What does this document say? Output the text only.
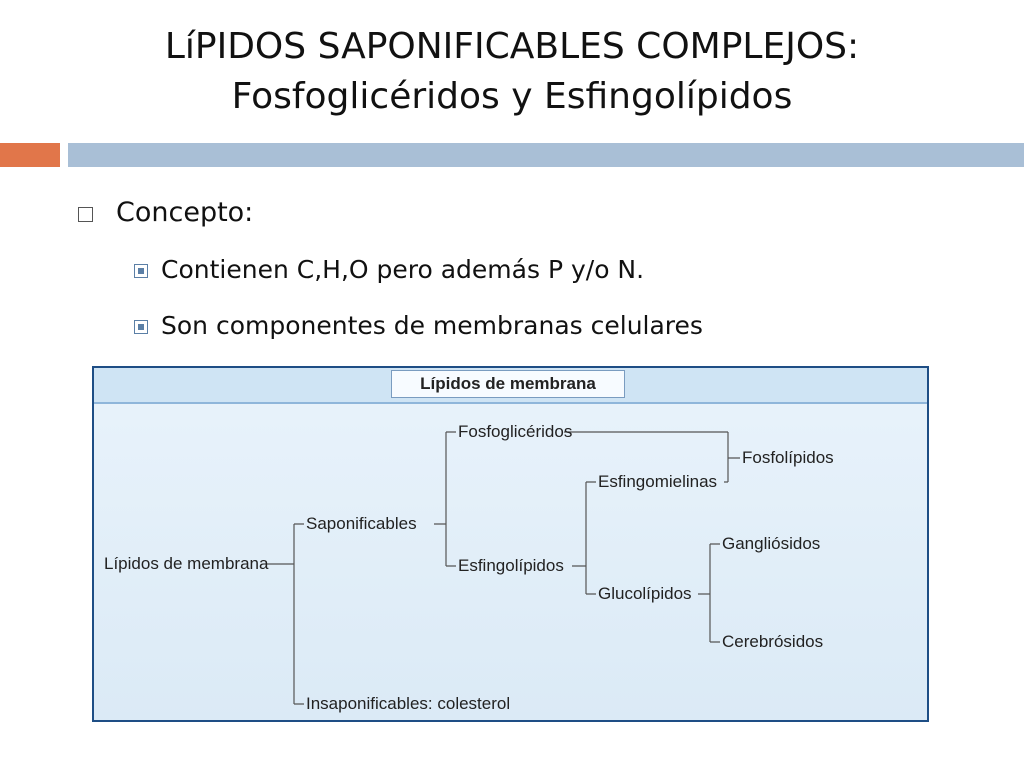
LíPIDOS SAPONIFICABLES COMPLEJOS:
Fosfoglicéridos y Esfingolípidos
Concepto:
Contienen C,H,O pero además P y/o N.
Son componentes de membranas celulares
Lípidos de membrana
Lípidos de membrana
Saponificables
Insaponificables: colesterol
Fosfoglicéridos
Esfingolípidos
Esfingomielinas
Glucolípidos
Fosfolípidos
Gangliósidos
Cerebrósidos
